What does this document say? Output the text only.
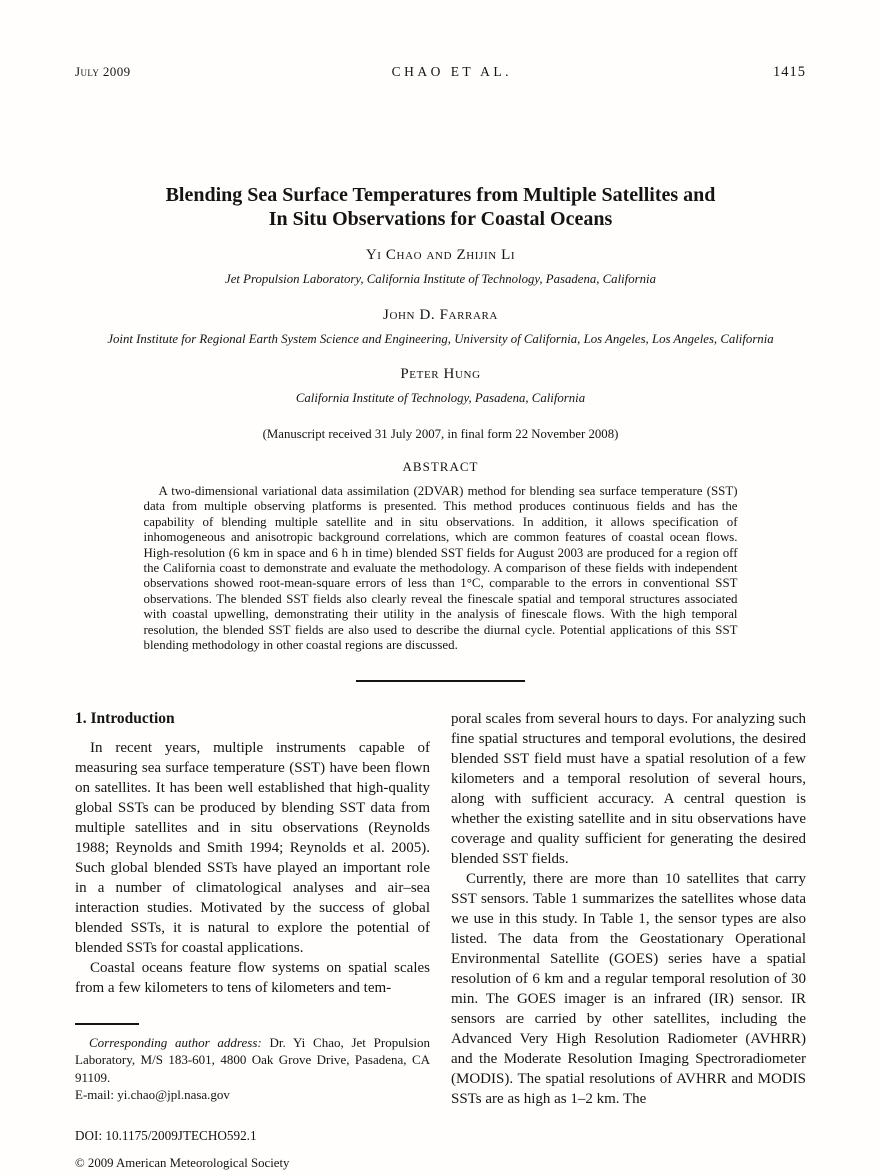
July 2009	CHAO ET AL.	1415
Blending Sea Surface Temperatures from Multiple Satellites and
In Situ Observations for Coastal Oceans
Yi Chao and Zhijin Li
Jet Propulsion Laboratory, California Institute of Technology, Pasadena, California
John D. Farrara
Joint Institute for Regional Earth System Science and Engineering, University of California, Los Angeles, Los Angeles, California
Peter Hung
California Institute of Technology, Pasadena, California
(Manuscript received 31 July 2007, in final form 22 November 2008)
ABSTRACT

A two-dimensional variational data assimilation (2DVAR) method for blending sea surface temperature (SST) data from multiple observing platforms is presented. This method produces continuous fields and has the capability of blending multiple satellite and in situ observations. In addition, it allows specification of inhomogeneous and anisotropic background correlations, which are common features of coastal ocean flows. High-resolution (6 km in space and 6 h in time) blended SST fields for August 2003 are produced for a region off the California coast to demonstrate and evaluate the methodology. A comparison of these fields with independent observations showed root-mean-square errors of less than 1°C, comparable to the errors in conventional SST observations. The blended SST fields also clearly reveal the finescale spatial and temporal structures associated with coastal upwelling, demonstrating their utility in the analysis of finescale flows. With the high temporal resolution, the blended SST fields are also used to describe the diurnal cycle. Potential applications of this SST blending methodology in other coastal regions are discussed.

1. Introduction

In recent years, multiple instruments capable of measuring sea surface temperature (SST) have been flown on satellites. It has been well established that high-quality global SSTs can be produced by blending SST data from multiple satellites and in situ observations (Reynolds 1988; Reynolds and Smith 1994; Reynolds et al. 2005). Such global blended SSTs have played an important role in a number of climatological analyses and air–sea interaction studies. Motivated by the success of global blended SSTs, it is natural to explore the potential of blended SSTs for coastal applications.

Coastal oceans feature flow systems on spatial scales from a few kilometers to tens of kilometers and tem-

Corresponding author address: Dr. Yi Chao, Jet Propulsion Laboratory, M/S 183-601, 4800 Oak Grove Drive, Pasadena, CA 91109.

E-mail: yi.chao@jpl.nasa.gov

DOI: 10.1175/2009JTECHO592.1
© 2009 American Meteorological Society

poral scales from several hours to days. For analyzing such fine spatial structures and temporal evolutions, the desired blended SST field must have a spatial resolution of a few kilometers and a temporal resolution of several hours, along with sufficient accuracy. A central question is whether the existing satellite and in situ observations have coverage and quality sufficient for generating the desired blended SST fields.

Currently, there are more than 10 satellites that carry SST sensors. Table 1 summarizes the satellites whose data we use in this study. In Table 1, the sensor types are also listed. The data from the Geostationary Operational Environmental Satellite (GOES) series have a spatial resolution of 6 km and a regular temporal resolution of 30 min. The GOES imager is an infrared (IR) sensor. IR sensors are carried by other satellites, including the Advanced Very High Resolution Radiometer (AVHRR) and the Moderate Resolution Imaging Spectroradiometer (MODIS). The spatial resolutions of AVHRR and MODIS SSTs are as high as 1–2 km. The
